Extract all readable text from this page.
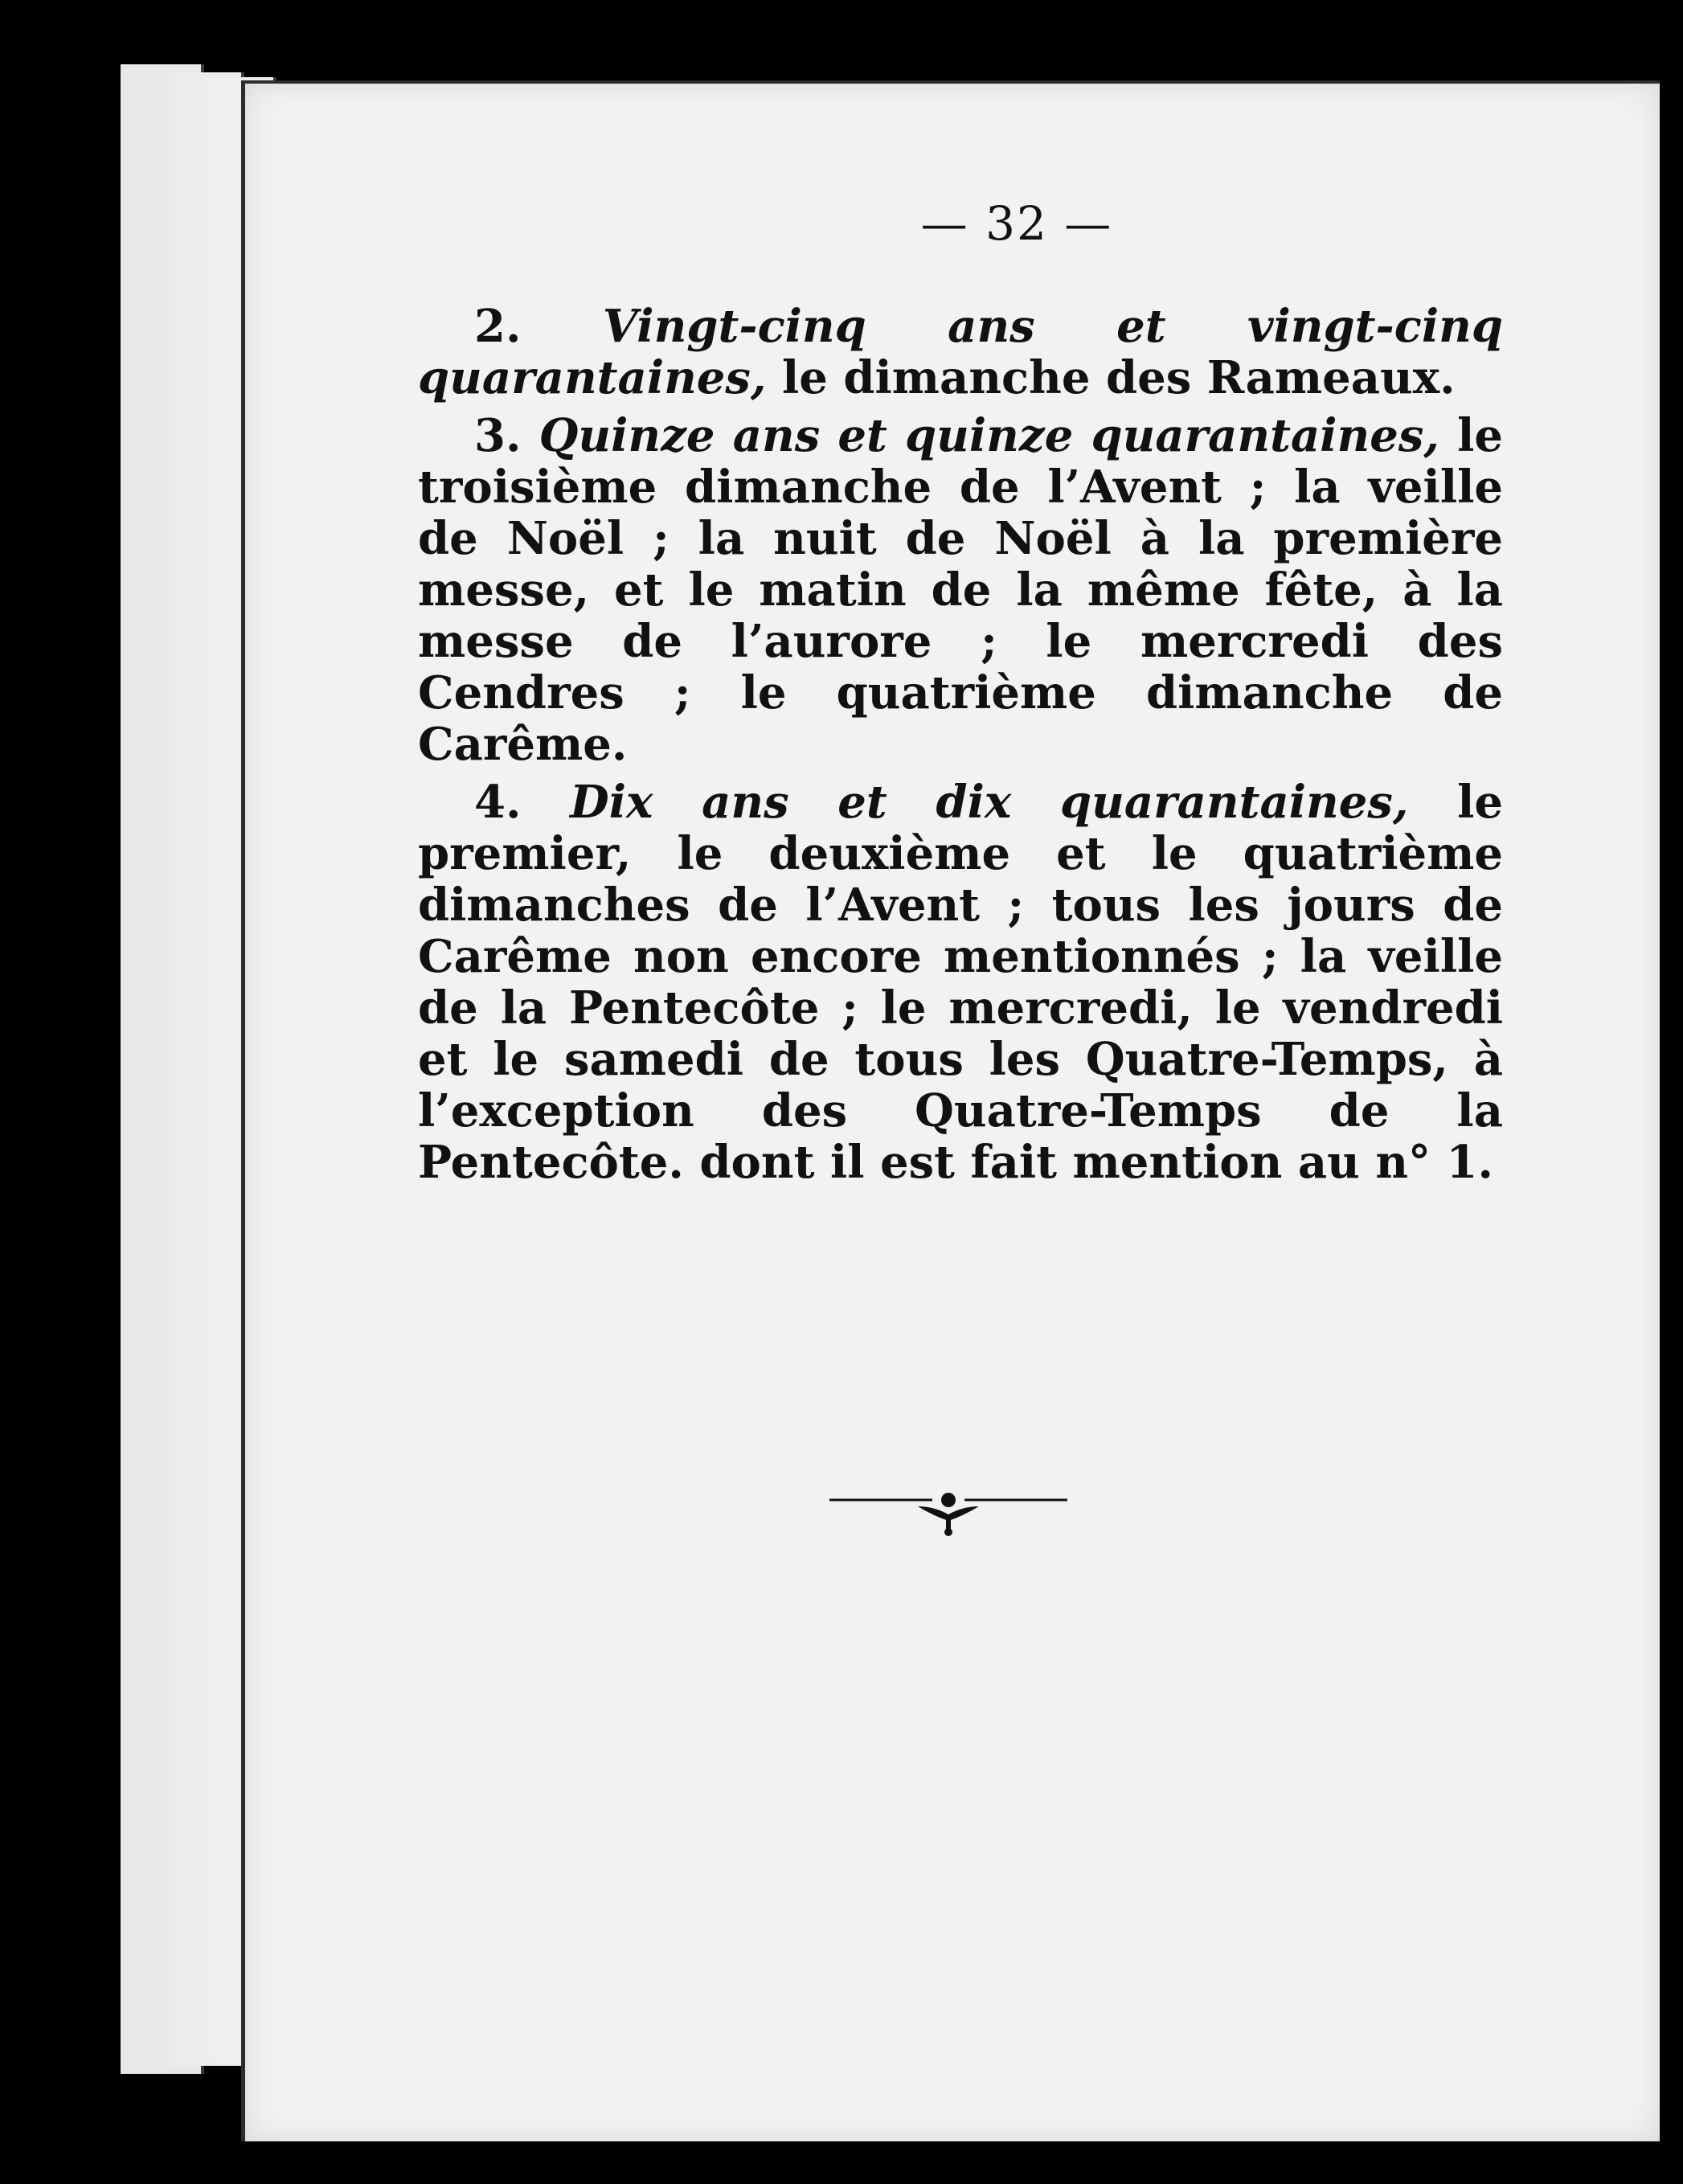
— 32 —

2. Vingt-cinq ans et vingt-cinq quarantaines, le dimanche des Rameaux.

3. Quinze ans et quinze quarantaines, le troisième dimanche de l’Avent ; la veille de Noël ; la nuit de Noël à la première messe, et le matin de la même fête, à la messe de l’aurore ; le mercredi des Cendres ; le quatrième dimanche de Carême.

4. Dix ans et dix quarantaines, le premier, le deuxième et le quatrième dimanches de l’Avent ; tous les jours de Carême non encore mentionnés ; la veille de la Pentecôte ; le mercredi, le vendredi et le samedi de tous les Quatre-Temps, à l’exception des Quatre-Temps de la Pentecôte. dont il est fait mention au n° 1.
